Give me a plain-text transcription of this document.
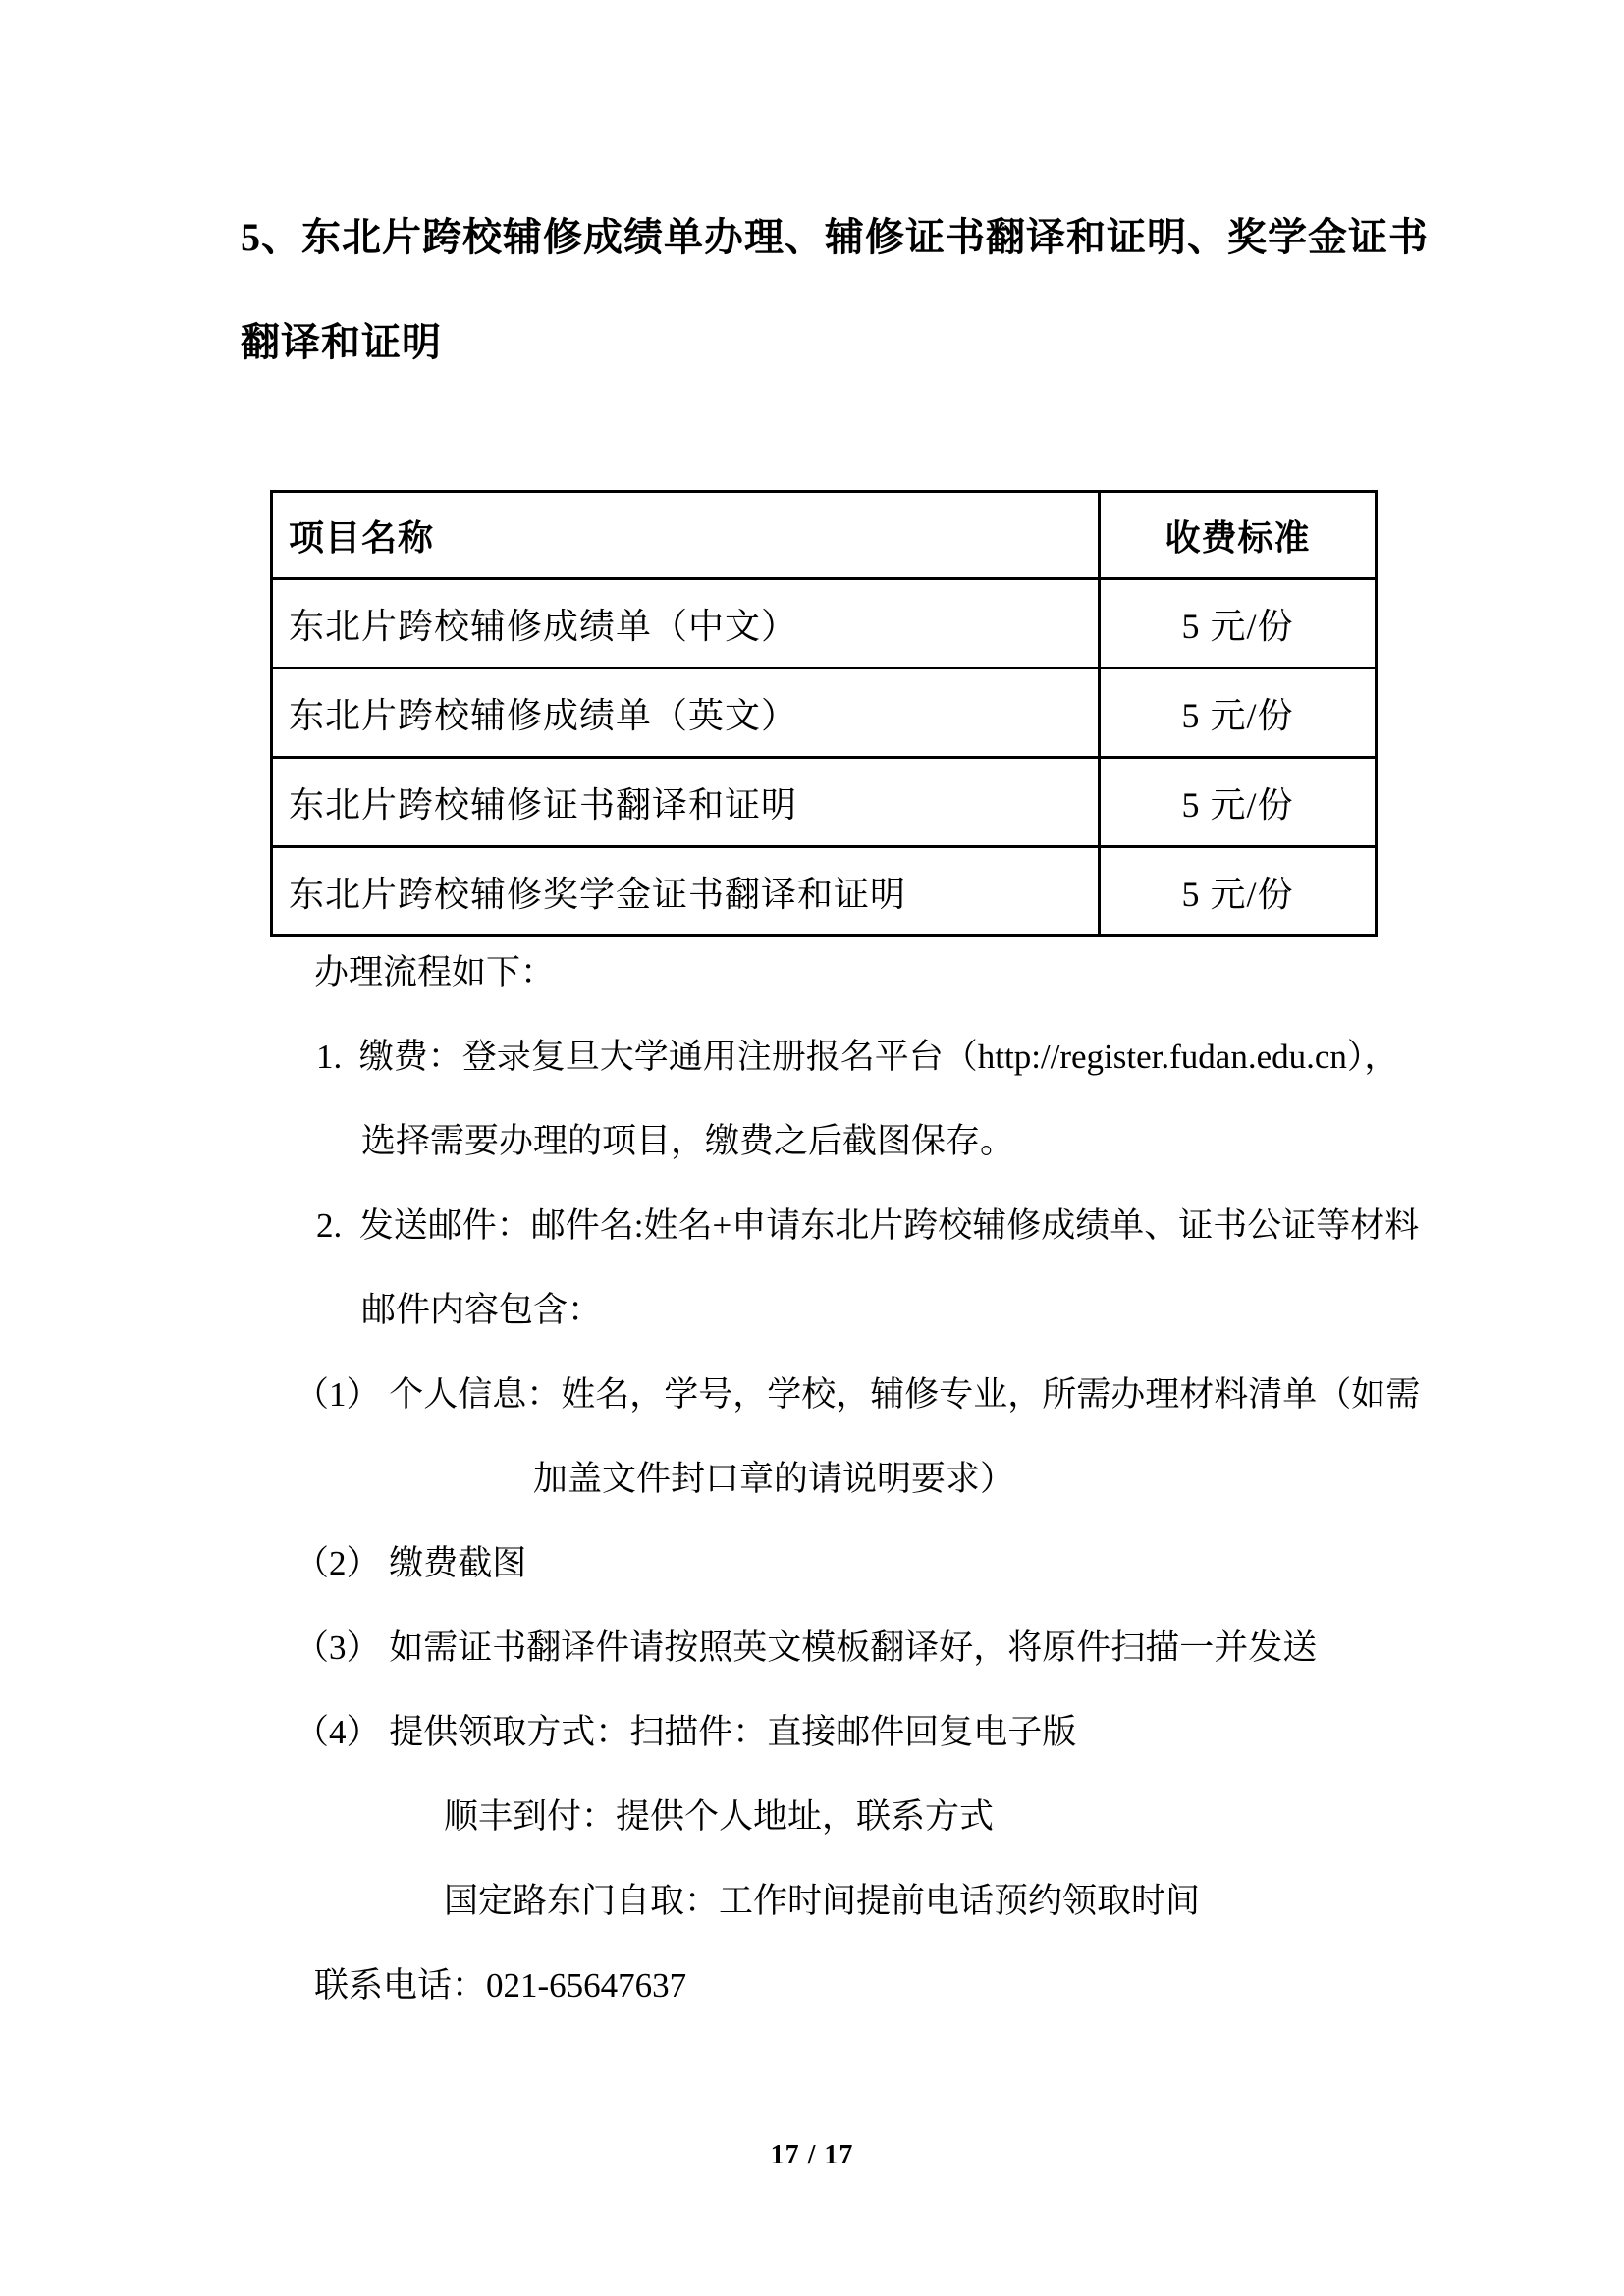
5、东北片跨校辅修成绩单办理、辅修证书翻译和证明、奖学金证书
翻译和证明
项目名称	收费标准
东北片跨校辅修成绩单（中文）	5 元/份
东北片跨校辅修成绩单（英文）	5 元/份
东北片跨校辅修证书翻译和证明	5 元/份
东北片跨校辅修奖学金证书翻译和证明	5 元/份
办理流程如下：
1.  缴费：登录复旦大学通用注册报名平台（http://register.fudan.edu.cn），
选择需要办理的项目，缴费之后截图保存。
2.  发送邮件：邮件名:姓名+申请东北片跨校辅修成绩单、证书公证等材料
邮件内容包含：
（1） 个人信息：姓名，学号，学校，辅修专业，所需办理材料清单（如需
加盖文件封口章的请说明要求）
（2） 缴费截图
（3） 如需证书翻译件请按照英文模板翻译好，将原件扫描一并发送
（4） 提供领取方式：扫描件：直接邮件回复电子版
顺丰到付：提供个人地址，联系方式
国定路东门自取：工作时间提前电话预约领取时间
联系电话：021-65647637
17 / 17
